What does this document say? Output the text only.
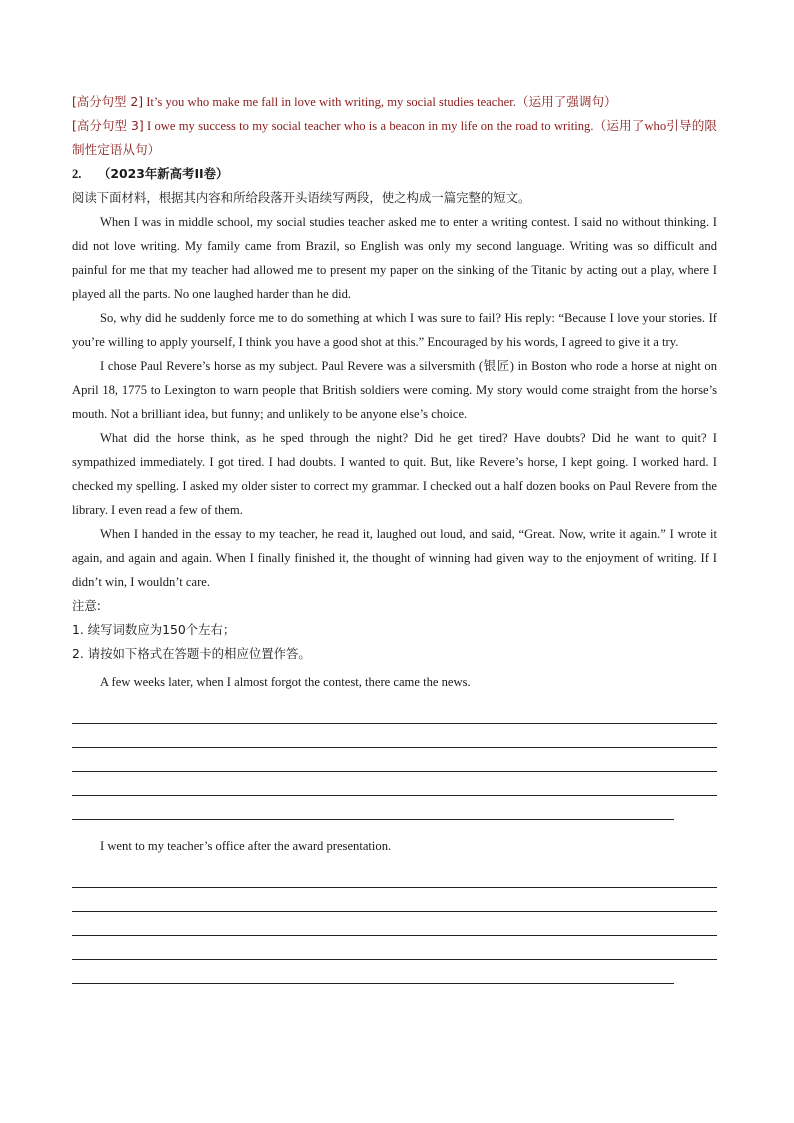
[高分句型 2] It’s you who make me fall in love with writing, my social studies teacher.（运用了强调句）

[高分句型 3] I owe my success to my social teacher who is a beacon in my life on the road to writing.（运用了who引导的限制性定语从句）

2. （2023年新高考II卷）

阅读下面材料，根据其内容和所给段落开头语续写两段，使之构成一篇完整的短文。

When I was in middle school, my social studies teacher asked me to enter a writing contest. I said no without thinking. I did not love writing. My family came from Brazil, so English was only my second language. Writing was so difficult and painful for me that my teacher had allowed me to present my paper on the sinking of the Titanic by acting out a play, where I played all the parts. No one laughed harder than he did.

So, why did he suddenly force me to do something at which I was sure to fail? His reply: “Because I love your stories. If you’re willing to apply yourself, I think you have a good shot at this.” Encouraged by his words, I agreed to give it a try.

I chose Paul Revere’s horse as my subject. Paul Revere was a silversmith (银匠) in Boston who rode a horse at night on April 18, 1775 to Lexington to warn people that British soldiers were coming. My story would come straight from the horse’s mouth. Not a brilliant idea, but funny; and unlikely to be anyone else’s choice.

What did the horse think, as he sped through the night? Did he get tired? Have doubts? Did he want to quit? I sympathized immediately. I got tired. I had doubts. I wanted to quit. But, like Revere’s horse, I kept going. I worked hard. I checked my spelling. I asked my older sister to correct my grammar. I checked out a half dozen books on Paul Revere from the library. I even read a few of them.

When I handed in the essay to my teacher, he read it, laughed out loud, and said, “Great. Now, write it again.” I wrote it again, and again and again. When I finally finished it, the thought of winning had given way to the enjoyment of writing. If I didn’t win, I wouldn’t care.

注意:

1. 续写词数应为150个左右；

2. 请按如下格式在答题卡的相应位置作答。

A few weeks later, when I almost forgot the contest, there came the news.

I went to my teacher’s office after the award presentation.
